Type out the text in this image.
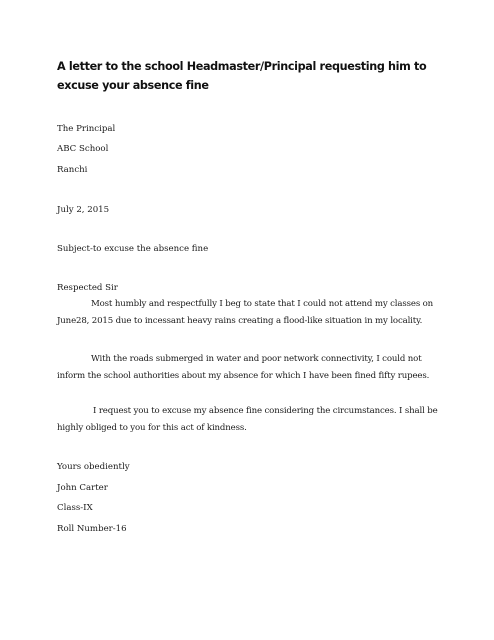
A letter to the school Headmaster/Principal requesting him to excuse your absence fine
The Principal
ABC School
Ranchi
July 2, 2015
Subject-to excuse the absence fine
Respected Sir
Most humbly and respectfully I beg to state that I could not attend my classes on June28, 2015 due to incessant heavy rains creating a flood-like situation in my locality.
With the roads submerged in water and poor network connectivity, I could not inform the school authorities about my absence for which I have been fined fifty rupees.
I request you to excuse my absence fine considering the circumstances. I shall be highly obliged to you for this act of kindness.
Yours obediently
John Carter
Class-IX
Roll Number-16
